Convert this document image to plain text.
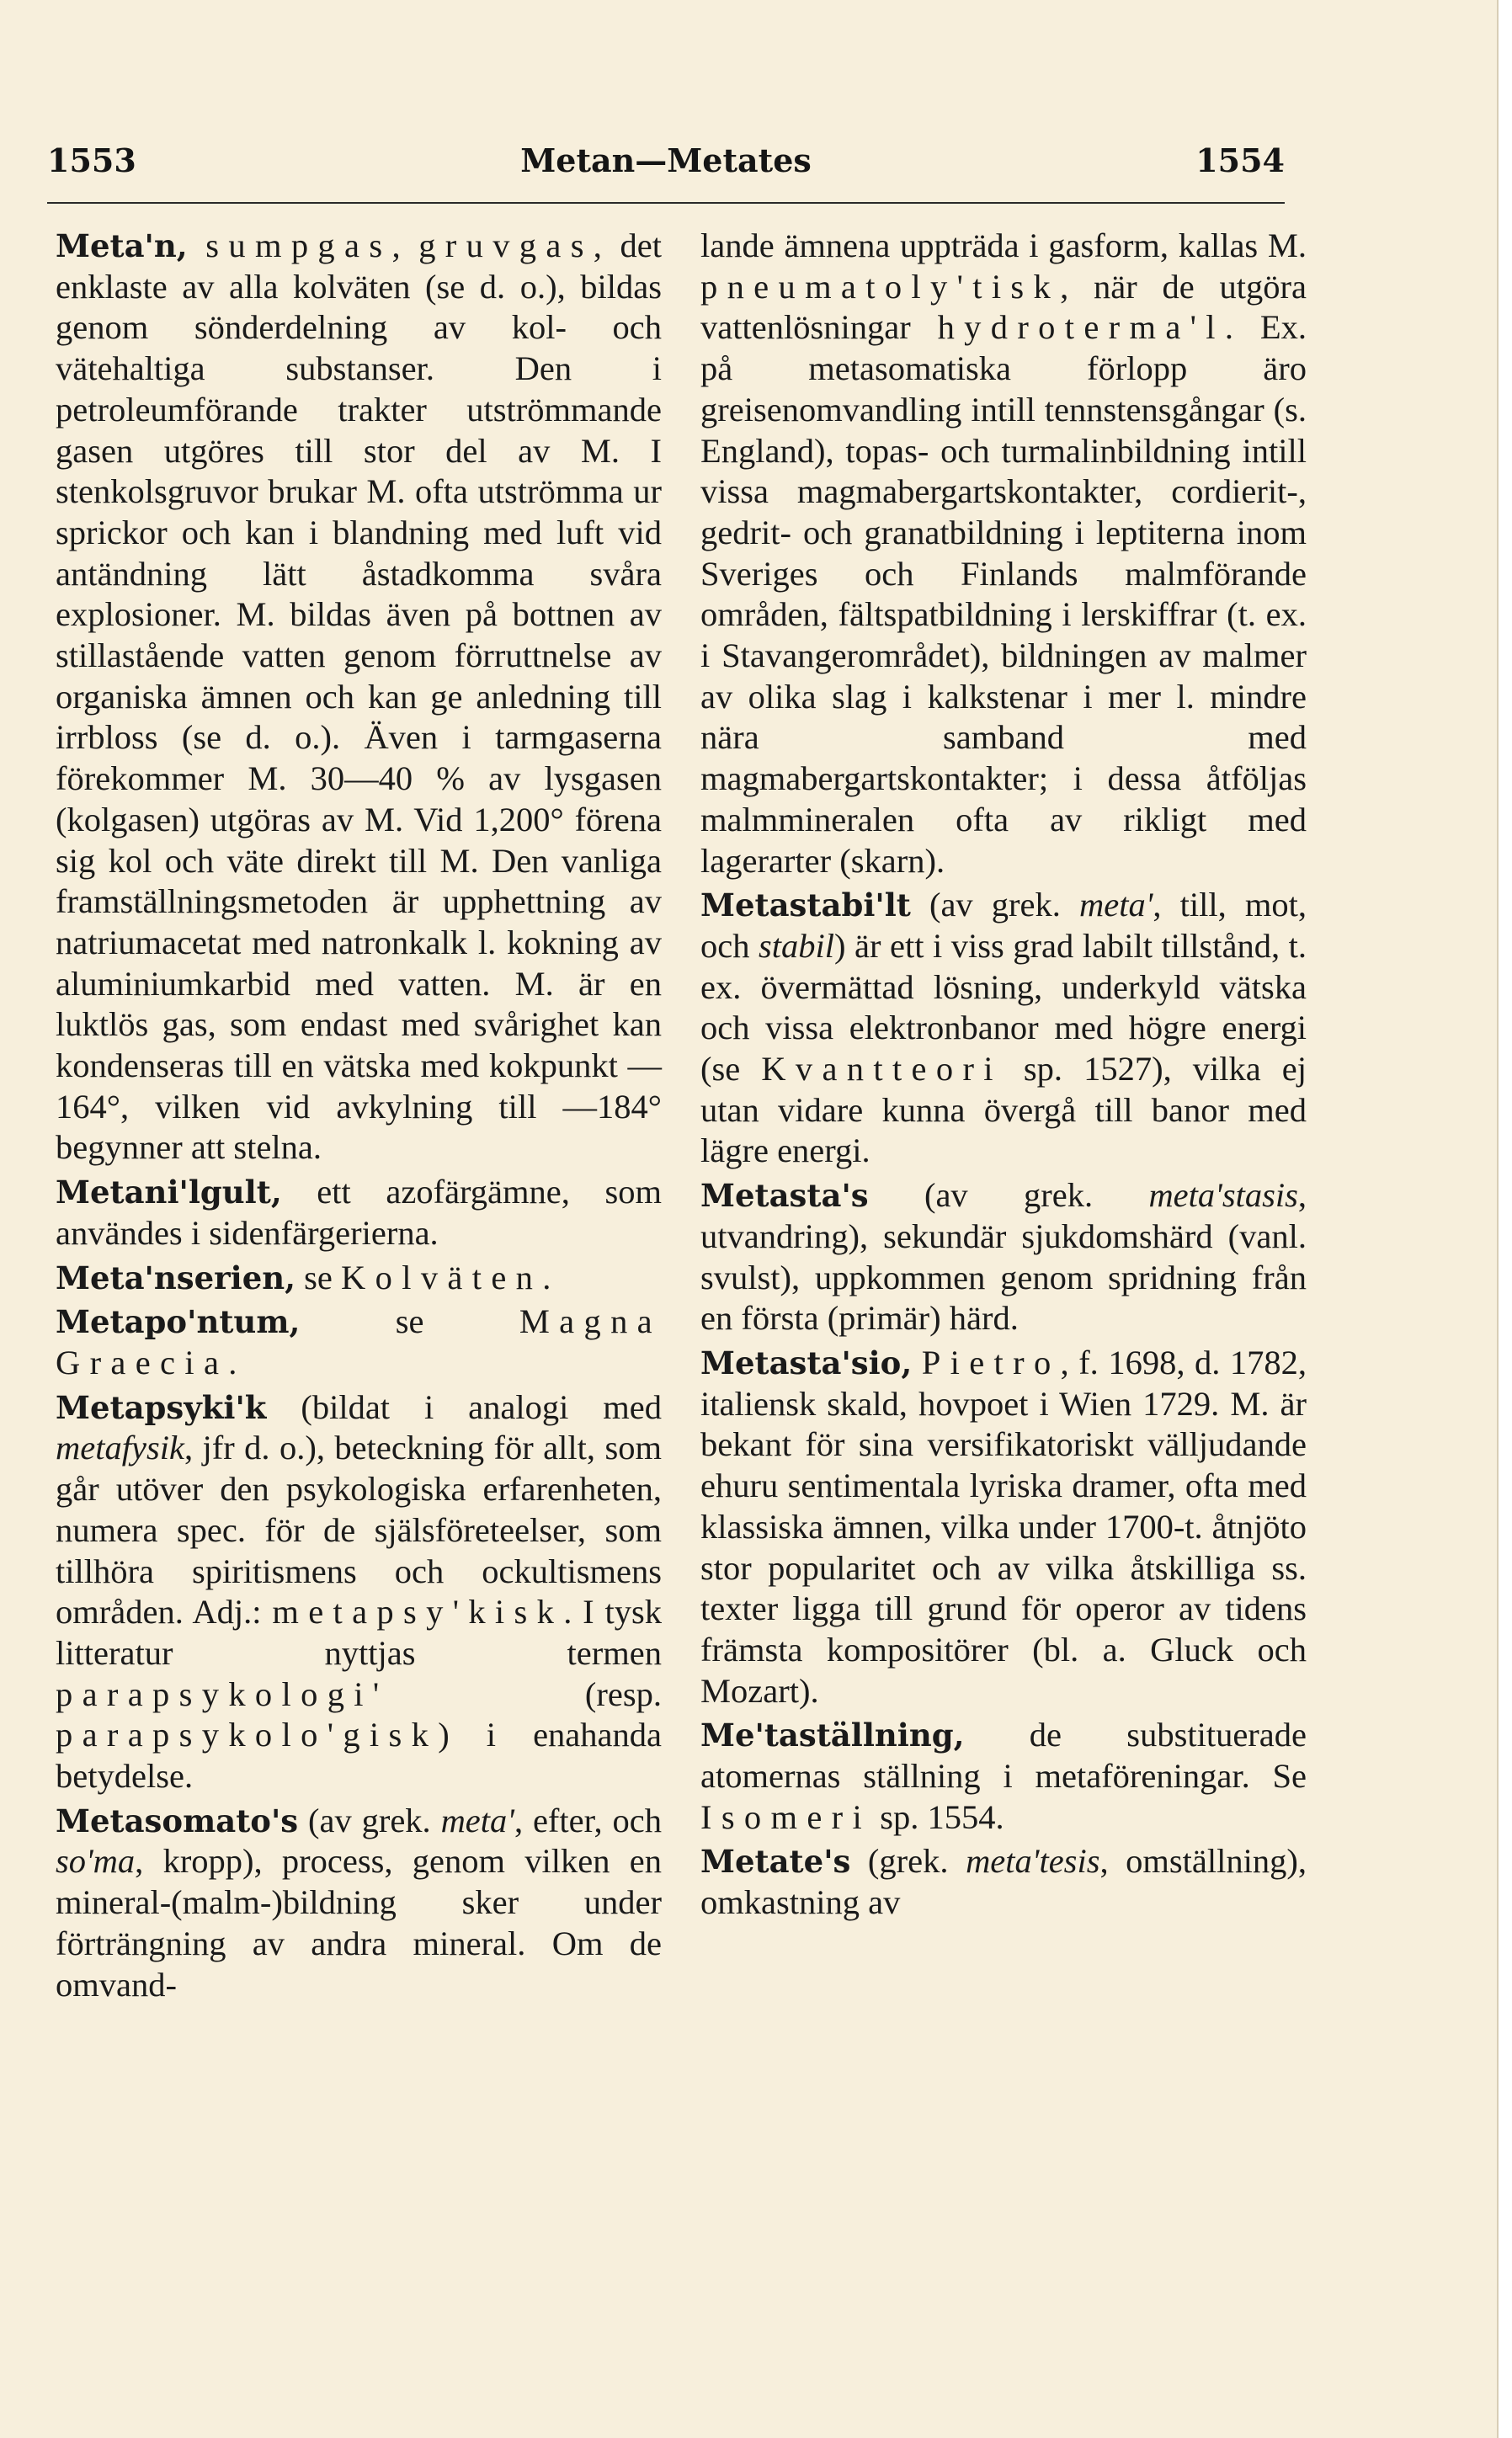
1553	Metan—Metates	1554

Meta'n, sumpgas, gruvgas, det enklaste av alla kolväten (se d. o.), bildas genom sönderdelning av kol- och vätehaltiga substanser. Den i petroleumförande trakter utströmmande gasen utgöres till stor del av M. I stenkolsgruvor brukar M. ofta utströmma ur sprickor och kan i blandning med luft vid antändning lätt åstadkomma svåra explosioner. M. bildas även på bottnen av stillastående vatten genom förruttnelse av organiska ämnen och kan ge anledning till irrbloss (se d. o.). Även i tarmgaserna förekommer M. 30—40 % av lysgasen (kolgasen) utgöras av M. Vid 1,200° förena sig kol och väte direkt till M. Den vanliga framställningsmetoden är upphettning av natriumacetat med natronkalk l. kokning av aluminiumkarbid med vatten. M. är en luktlös gas, som endast med svårighet kan kondenseras till en vätska med kokpunkt —164°, vilken vid avkylning till —184° begynner att stelna.

Metani'lgult, ett azofärgämne, som användes i sidenfärgerierna.

Meta'nserien, se Kolväten.

Metapo'ntum, se Magna Graecia.

Metapsyki'k (bildat i analogi med metafysik, jfr d. o.), beteckning för allt, som går utöver den psykologiska erfarenheten, numera spec. för de själsföreteelser, som tillhöra spiritismens och ockultismens områden. Adj.: metapsy'kisk. I tysk litteratur nyttjas termen parapsykologi' (resp. parapsykolo'gisk) i enahanda betydelse.

Metasomato's (av grek. meta', efter, och so'ma, kropp), process, genom vilken en mineral-(malm-)bildning sker under förträngning av andra mineral. Om de omvand-

lande ämnena uppträda i gasform, kallas M. pneumatoly'tisk, när de utgöra vattenlösningar hydroterma'l. Ex. på metasomatiska förlopp äro greisenomvandling intill tennstensgångar (s. England), topas- och turmalinbildning intill vissa magmabergartskontakter, cordierit-, gedrit- och granatbildning i leptiterna inom Sveriges och Finlands malmförande områden, fältspatbildning i lerskiffrar (t. ex. i Stavangerområdet), bildningen av malmer av olika slag i kalkstenar i mer l. mindre nära samband med magmabergartskontakter; i dessa åtföljas malmmineralen ofta av rikligt med lagerarter (skarn).

Metastabi'lt (av grek. meta', till, mot, och stabil) är ett i viss grad labilt tillstånd, t. ex. övermättad lösning, underkyld vätska och vissa elektronbanor med högre energi (se Kvantteori sp. 1527), vilka ej utan vidare kunna övergå till banor med lägre energi.

Metasta's (av grek. meta'stasis, utvandring), sekundär sjukdomshärd (vanl. svulst), uppkommen genom spridning från en första (primär) härd.

Metasta'sio, Pietro, f. 1698, d. 1782, italiensk skald, hovpoet i Wien 1729. M. är bekant för sina versifikatoriskt välljudande ehuru sentimentala lyriska dramer, ofta med klassiska ämnen, vilka under 1700-t. åtnjöto stor popularitet och av vilka åtskilliga ss. texter ligga till grund för operor av tidens främsta kompositörer (bl. a. Gluck och Mozart).

Me'taställning, de substituerade atomernas ställning i metaföreningar. Se Isomeri sp. 1554.

Metate's (grek. meta'tesis, omställning), omkastning av
